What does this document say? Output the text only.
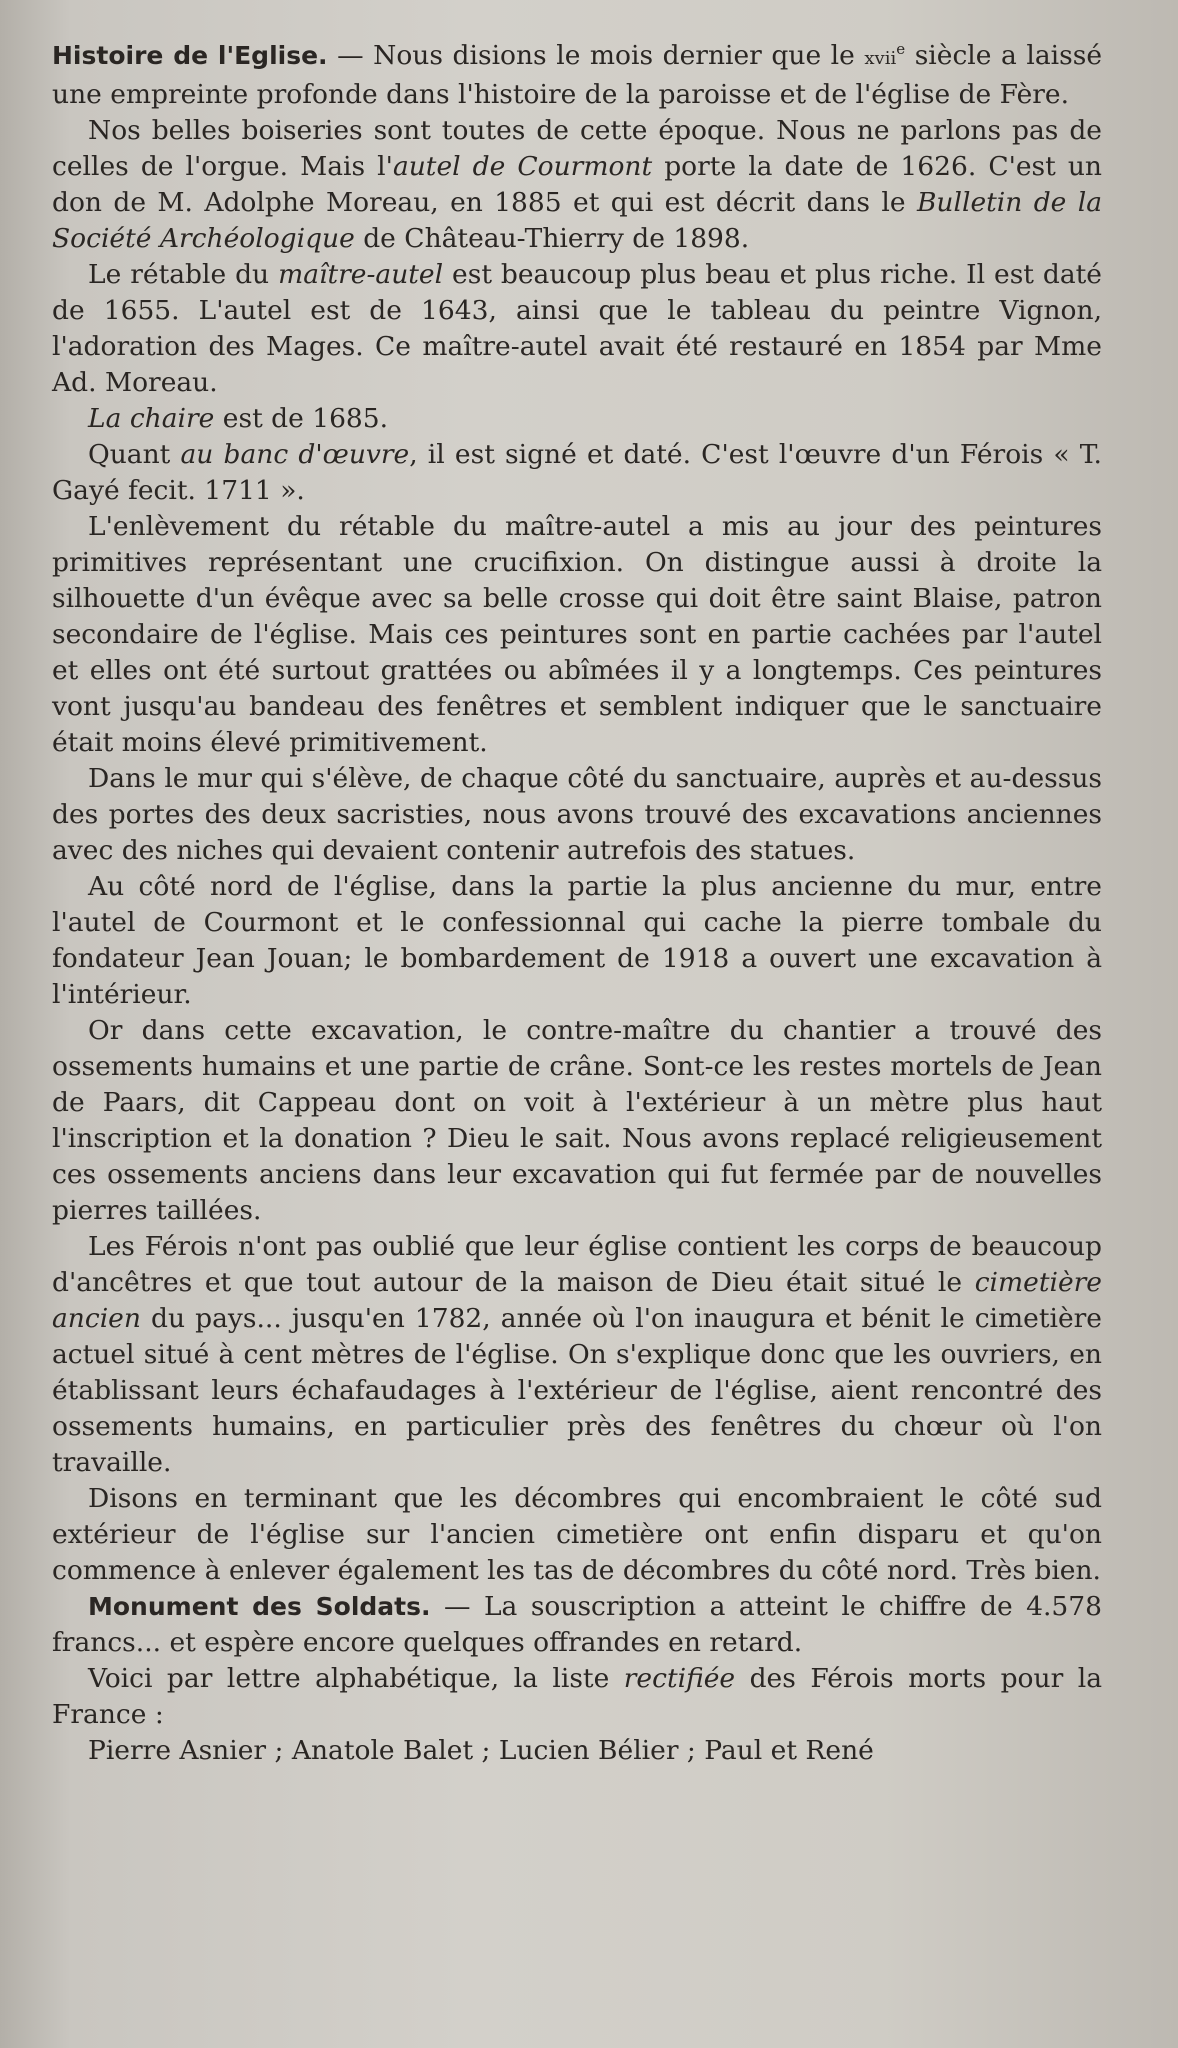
Histoire de l'Eglise. — Nous disions le mois dernier que le xvii$^e$ siècle a laissé une empreinte profonde dans l'histoire de la paroisse et de l'église de Fère.

Nos belles boiseries sont toutes de cette époque. Nous ne parlons pas de celles de l'orgue. Mais l'autel de Courmont porte la date de 1626. C'est un don de M. Adolphe Moreau, en 1885 et qui est décrit dans le Bulletin de la Société Archéologique de Château-Thierry de 1898.

Le rétable du maître-autel est beaucoup plus beau et plus riche. Il est daté de 1655. L'autel est de 1643, ainsi que le tableau du peintre Vignon, l'adoration des Mages. Ce maître-autel avait été restauré en 1854 par Mme Ad. Moreau.

La chaire est de 1685.

Quant au banc d'œuvre, il est signé et daté. C'est l'œuvre d'un Férois « T. Gayé fecit. 1711 ».

L'enlèvement du rétable du maître-autel a mis au jour des peintures primitives représentant une crucifixion. On distingue aussi à droite la silhouette d'un évêque avec sa belle crosse qui doit être saint Blaise, patron secondaire de l'église. Mais ces peintures sont en partie cachées par l'autel et elles ont été surtout grattées ou abîmées il y a longtemps. Ces peintures vont jusqu'au bandeau des fenêtres et semblent indiquer que le sanctuaire était moins élevé primitivement.

Dans le mur qui s'élève, de chaque côté du sanctuaire, auprès et au-dessus des portes des deux sacristies, nous avons trouvé des excavations anciennes avec des niches qui devaient contenir autrefois des statues.

Au côté nord de l'église, dans la partie la plus ancienne du mur, entre l'autel de Courmont et le confessionnal qui cache la pierre tombale du fondateur Jean Jouan; le bombardement de 1918 a ouvert une excavation à l'intérieur.

Or dans cette excavation, le contre-maître du chantier a trouvé des ossements humains et une partie de crâne. Sont-ce les restes mortels de Jean de Paars, dit Cappeau dont on voit à l'extérieur à un mètre plus haut l'inscription et la donation ? Dieu le sait. Nous avons replacé religieusement ces ossements anciens dans leur excavation qui fut fermée par de nouvelles pierres taillées.

Les Férois n'ont pas oublié que leur église contient les corps de beaucoup d'ancêtres et que tout autour de la maison de Dieu était situé le cimetière ancien du pays... jusqu'en 1782, année où l'on inaugura et bénit le cimetière actuel situé à cent mètres de l'église. On s'explique donc que les ouvriers, en établissant leurs échafaudages à l'extérieur de l'église, aient rencontré des ossements humains, en particulier près des fenêtres du chœur où l'on travaille.

Disons en terminant que les décombres qui encombraient le côté sud extérieur de l'église sur l'ancien cimetière ont enfin disparu et qu'on commence à enlever également les tas de décombres du côté nord. Très bien.

Monument des Soldats. — La souscription a atteint le chiffre de 4.578 francs... et espère encore quelques offrandes en retard.

Voici par lettre alphabétique, la liste rectifiée des Férois morts pour la France :

Pierre Asnier ; Anatole Balet ; Lucien Bélier ; Paul et René
